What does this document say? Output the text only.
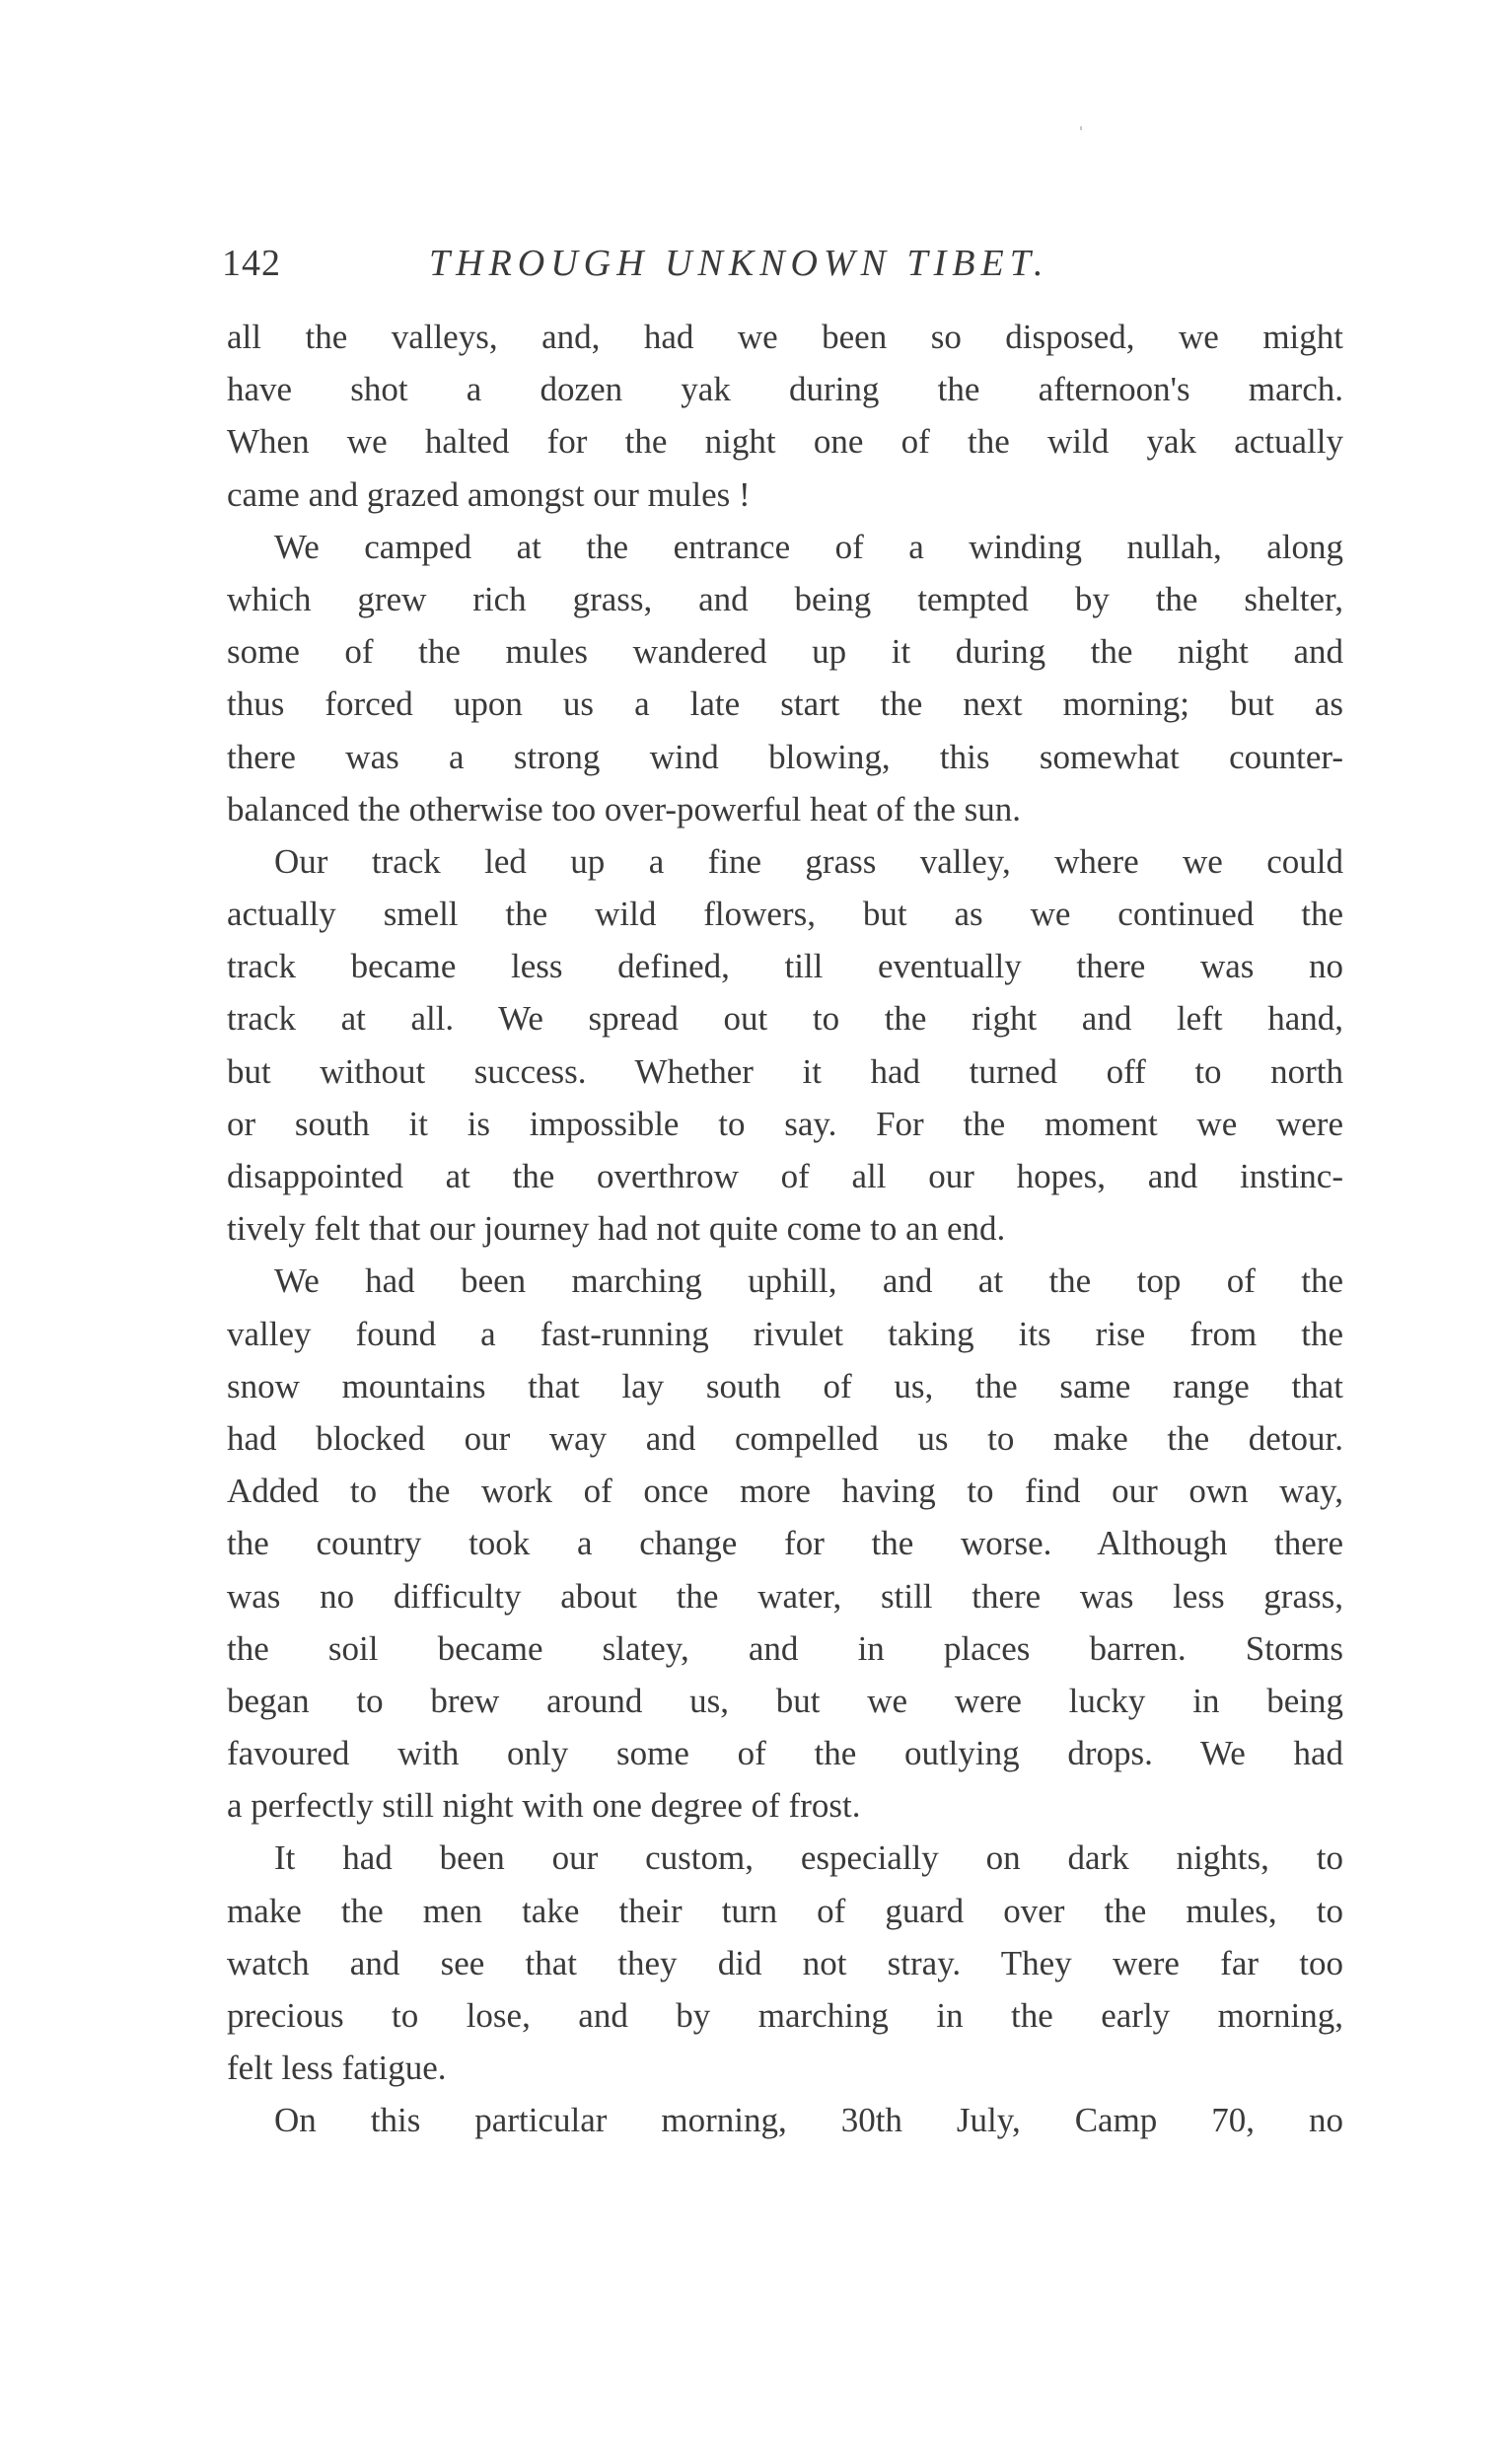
142	THROUGH UNKNOWN TIBET.
all the valleys, and, had we been so disposed, we might
have shot a dozen yak during the afternoon's march.
When we halted for the night one of the wild yak actually
came and grazed amongst our mules !
We camped at the entrance of a winding nullah, along
which grew rich grass, and being tempted by the shelter,
some of the mules wandered up it during the night and
thus forced upon us a late start the next morning; but as
there was a strong wind blowing, this somewhat counter-
balanced the otherwise too over-powerful heat of the sun.
Our track led up a fine grass valley, where we could
actually smell the wild flowers, but as we continued the
track became less defined, till eventually there was no
track at all. We spread out to the right and left hand,
but without success. Whether it had turned off to north
or south it is impossible to say. For the moment we were
disappointed at the overthrow of all our hopes, and instinc-
tively felt that our journey had not quite come to an end.
We had been marching uphill, and at the top of the
valley found a fast-running rivulet taking its rise from the
snow mountains that lay south of us, the same range that
had blocked our way and compelled us to make the detour.
Added to the work of once more having to find our own way,
the country took a change for the worse. Although there
was no difficulty about the water, still there was less grass,
the soil became slatey, and in places barren. Storms
began to brew around us, but we were lucky in being
favoured with only some of the outlying drops. We had
a perfectly still night with one degree of frost.
It had been our custom, especially on dark nights, to
make the men take their turn of guard over the mules, to
watch and see that they did not stray. They were far too
precious to lose, and by marching in the early morning,
felt less fatigue.
On this particular morning, 30th July, Camp 70, no
